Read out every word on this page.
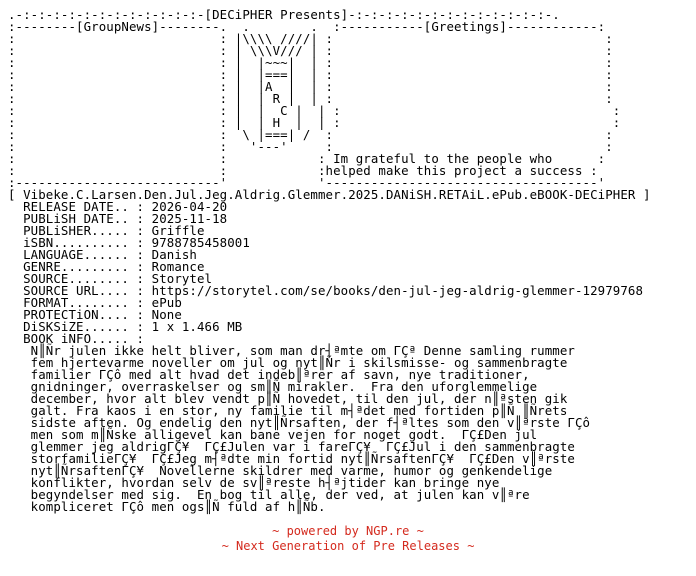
.-:-:-:-:-:-:-:-:-:-:-:-:-[DECiPHER Presents]-:-:-:-:-:-:-:-:-:-:-:-:-:-.
:--------[GroupNews]--------.  .        .  :-----------[Greetings]------------:
:                           : |\\\\ ////| :                                    :
:                           : | \\\V/// | :                                    :
:                           : |  |~~~|  | :                                    :
:                           : |  |===|  | :                                    :
:                           : |  |A  |  | :                                    :
:                           : |  | R |  | :                                    :
:                           : |  |  C |  | :                                    :
:                           : |  | H  |  | :                                    :
:                           :  \ |===| /  :                                    :
:                           :   '---'     :                                    :
:                           :            : Im grateful to the people who      :
:                           :            :helped make this project a success :
:---------------------------'            '------------------------------------'
[ Vibeke.C.Larsen.Den.Jul.Jeg.Aldrig.Glemmer.2025.DANiSH.RETAiL.ePub.eBOOK-DECiPHER ]
RELEASE DATE.. : 2026-04-20
PUBLiSH DATE.. : 2025-11-18
PUBLiSHER..... : Griffle
iSBN.......... : 9788785458001
LANGUAGE...... : Danish
GENRE......... : Romance
SOURCE........ : Storytel
SOURCE URL.... : https://storytel.com/se/books/den-jul-jeg-aldrig-glemmer-12979768
FORMAT........ : ePub
PROTECTiON.... : None
DiSKSiZE...... : 1 x 1.466 MB
BOOK iNFO..... :
N║Ñr julen ikke helt bliver, som man dr┤ªmte om ΓÇª Denne samling rummer
fem hjertevarme noveller om jul og nyt║Ñr i skilsmisse- og sammenbragte
familier ΓÇô med alt hvad det indeb║ªrer af savn, nye traditioner,
gnidninger, overraskelser og sm║Ñ mirakler.  Fra den uforglemmelige
december, hvor alt blev vendt p║Ñ hovedet, til den jul, der n║ªsten gik
galt. Fra kaos i en stor, ny familie til m┤ªdet med fortiden p║Ñ ║Ñrets
sidste aften. Og endelig den nyt║Ñrsaften, der f┤ªltes som den v║ªrste ΓÇô
men som m║Ñske alligevel kan bane vejen for noget godt.  ΓÇ£Den jul
glemmer jeg aldrigΓÇ¥  ΓÇ£Julen var i fareΓÇ¥  ΓÇ£Jul i den sammenbragte
storfamilieΓÇ¥  ΓÇ£Jeg m┤ªdte min fortid nyt║ÑrsaftenΓÇ¥  ΓÇ£Den v║ªrste
nyt║ÑrsaftenΓÇ¥  Novellerne skildrer med varme, humor og genkendelige
konflikter, hvordan selv de sv║ªreste h┤ªjtider kan bringe nye
begyndelser med sig.  En bog til alle, der ved, at julen kan v║ªre
kompliceret ΓÇô men ogs║Ñ fuld af h║Ñb.
~ powered by NGP.re ~
~ Next Generation of Pre Releases ~
